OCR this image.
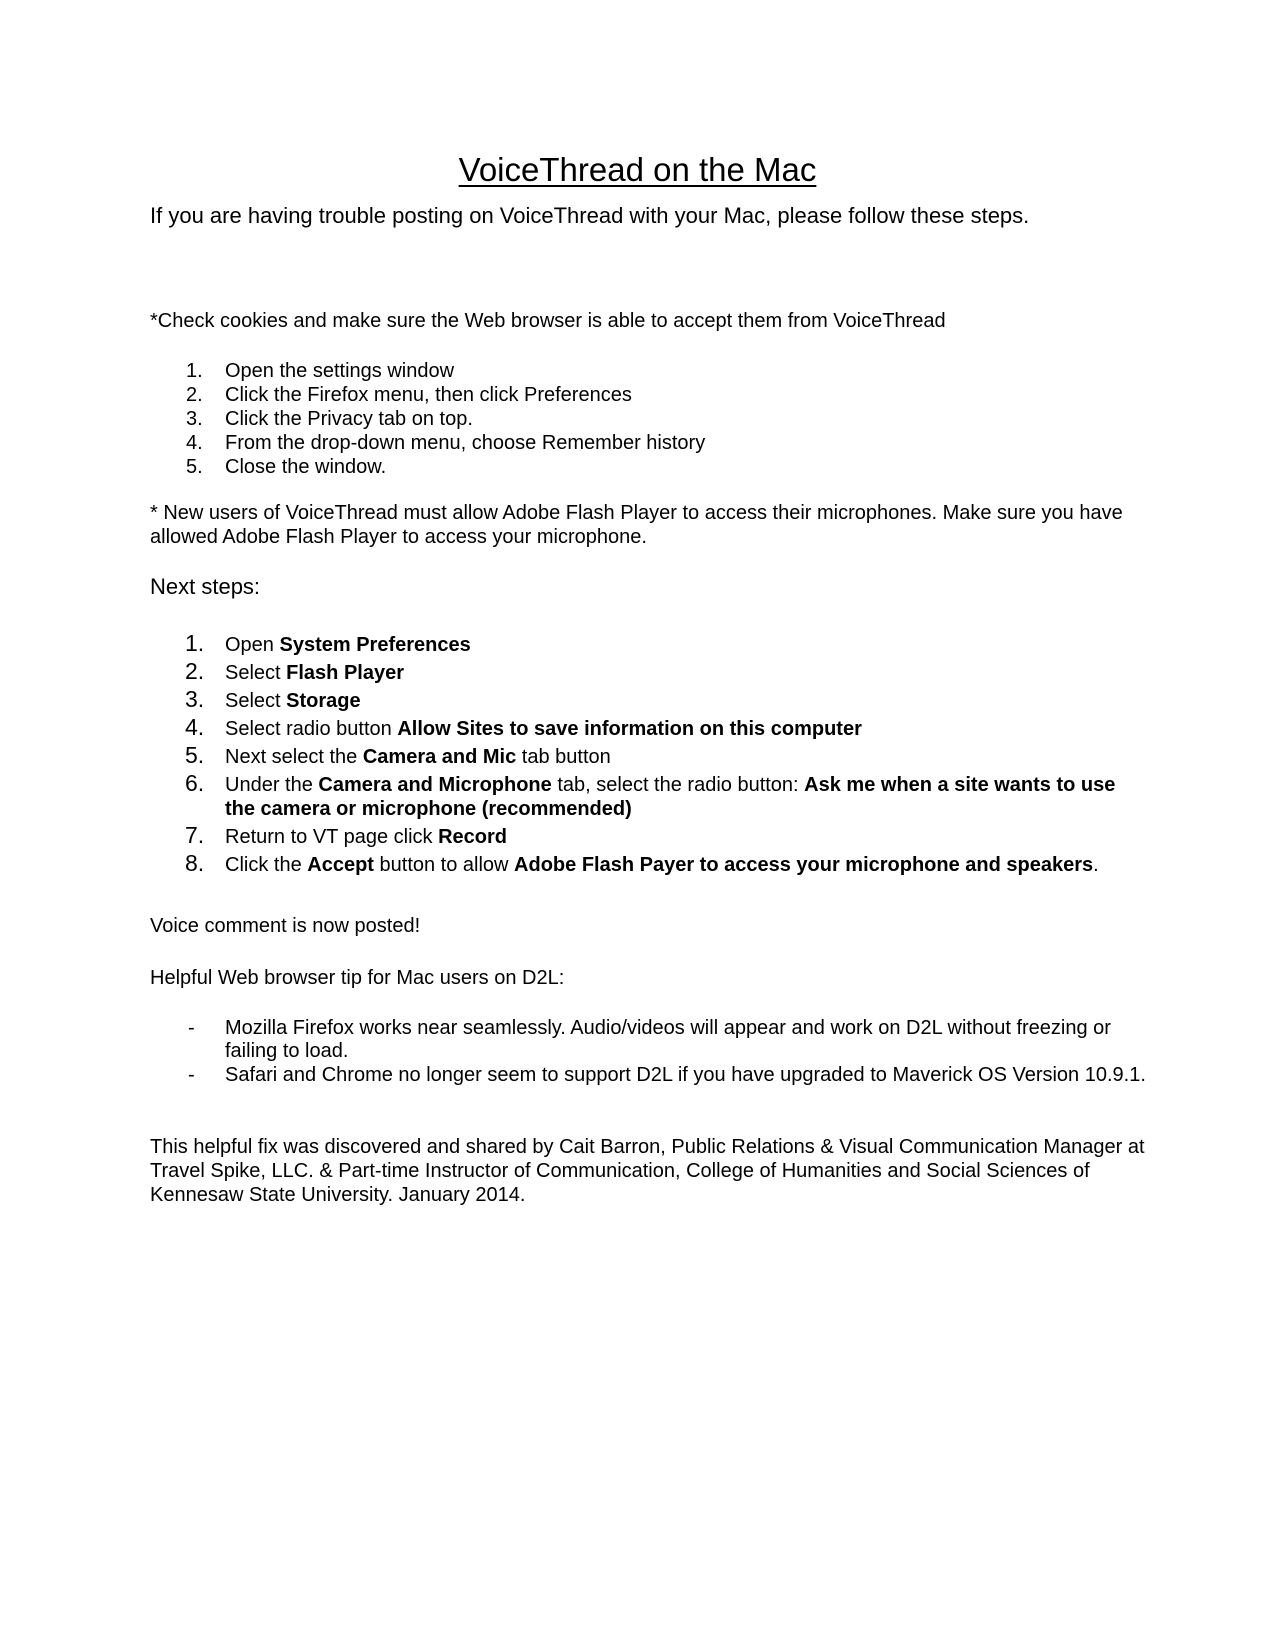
VoiceThread on the Mac

If you are having trouble posting on VoiceThread with your Mac, please follow these steps.

*Check cookies and make sure the Web browser is able to accept them from VoiceThread

1. Open the settings window
2. Click the Firefox menu, then click Preferences
3. Click the Privacy tab on top.
4. From the drop-down menu, choose Remember history
5. Close the window.

* New users of VoiceThread must allow Adobe Flash Player to access their microphones. Make sure you have allowed Adobe Flash Player to access your microphone.

Next steps:

1. Open System Preferences
2. Select Flash Player
3. Select Storage
4. Select radio button Allow Sites to save information on this computer
5. Next select the Camera and Mic tab button
6. Under the Camera and Microphone tab, select the radio button: Ask me when a site wants to use the camera or microphone (recommended)
7. Return to VT page click Record
8. Click the Accept button to allow Adobe Flash Payer to access your microphone and speakers.

Voice comment is now posted!

Helpful Web browser tip for Mac users on D2L:

- Mozilla Firefox works near seamlessly. Audio/videos will appear and work on D2L without freezing or failing to load.
- Safari and Chrome no longer seem to support D2L if you have upgraded to Maverick OS Version 10.9.1.

This helpful fix was discovered and shared by Cait Barron, Public Relations & Visual Communication Manager at Travel Spike, LLC. & Part-time Instructor of Communication, College of Humanities and Social Sciences of Kennesaw State University. January 2014.
